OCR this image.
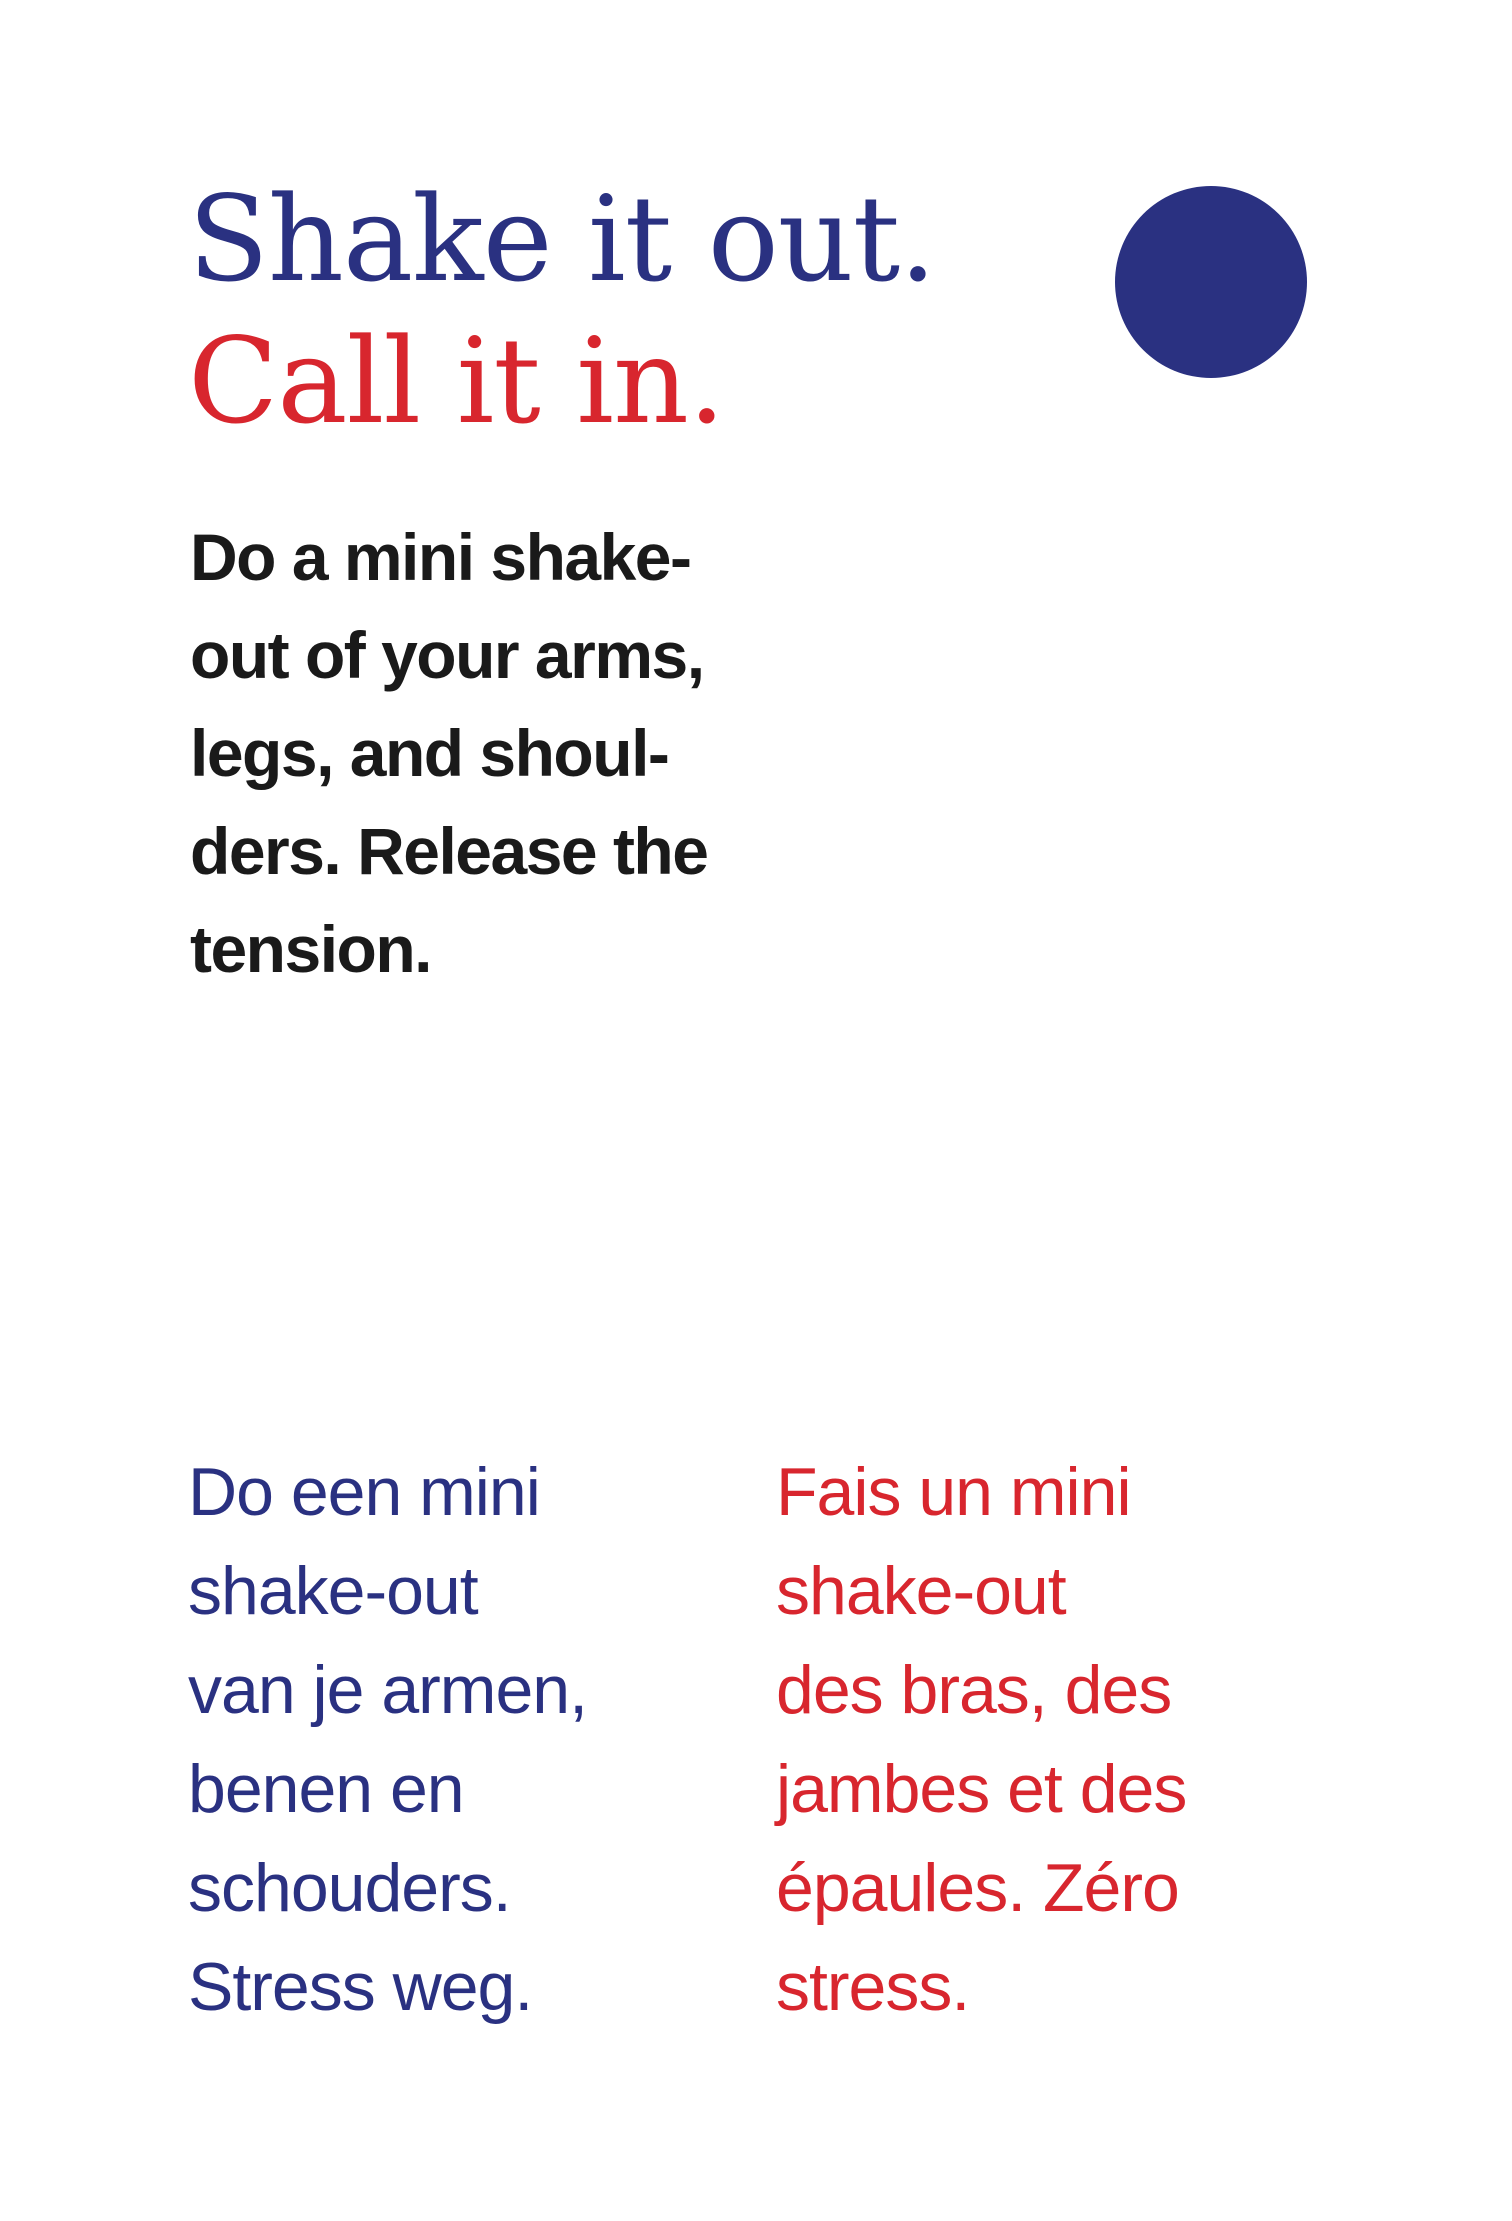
Shake it out.
Call it in.

Do a mini shake-
out of your arms,
legs, and shoul-
ders. Release the
tension.

Do een mini
shake-out
van je armen,
benen en
schouders.
Stress weg.

Fais un mini
shake-out
des bras, des
jambes et des
épaules. Zéro
stress.
